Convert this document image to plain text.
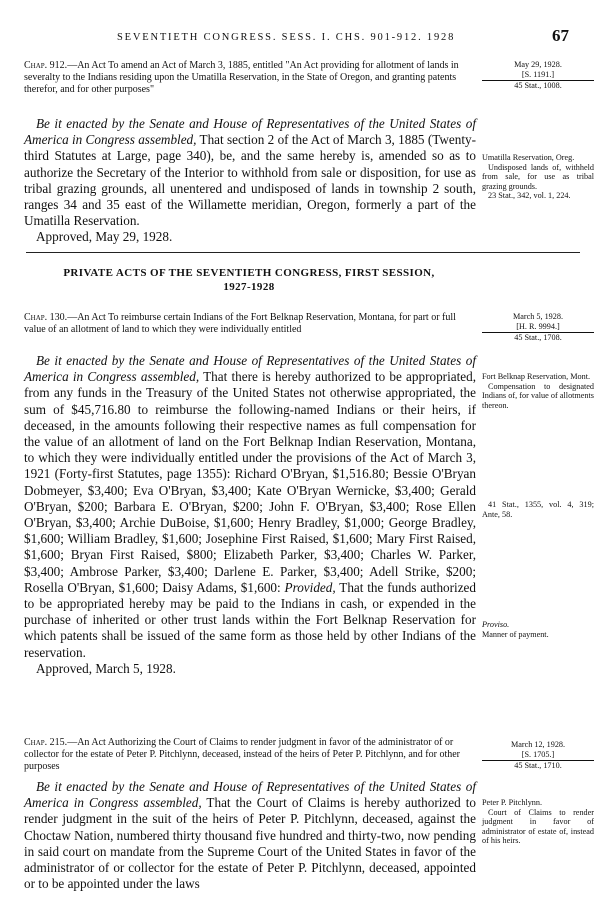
SEVENTIETH CONGRESS. SESS. I. CHS. 901-912. 1928	67
Chap. 912.—An Act To amend an Act of March 3, 1885, entitled "An Act providing for allotment of lands in severalty to the Indians residing upon the Umatilla Reservation, in the State of Oregon, and granting patents therefor, and for other purposes"
May 29, 1928.
[S. 1191.]
45 Stat., 1008.

Be it enacted by the Senate and House of Representatives of the United States of America in Congress assembled, That section 2 of the Act of March 3, 1885 (Twenty-third Statutes at Large, page 340), be, and the same hereby is, amended so as to authorize the Secretary of the Interior to withhold from sale or disposition, for use as tribal grazing grounds, all unentered and undisposed of lands in township 2 south, ranges 34 and 35 east of the Willamette meridian, Oregon, formerly a part of the Umatilla Reservation.

Approved, May 29, 1928.

Umatilla Reservation, Oreg.
Undisposed lands of, withheld from sale, for use as tribal grazing grounds.
23 Stat., 342, vol. 1, 224.
PRIVATE ACTS OF THE SEVENTIETH CONGRESS, FIRST SESSION,
1927-1928
Chap. 130.—An Act To reimburse certain Indians of the Fort Belknap Reservation, Montana, for part or full value of an allotment of land to which they were individually entitled
March 5, 1928.
[H. R. 9994.]
45 Stat., 1708.

Be it enacted by the Senate and House of Representatives of the United States of America in Congress assembled, That there is hereby authorized to be appropriated, from any funds in the Treasury of the United States not otherwise appropriated, the sum of $45,716.80 to reimburse the following-named Indians or their heirs, if deceased, in the amounts following their respective names as full compensation for the value of an allotment of land on the Fort Belknap Indian Reservation, Montana, to which they were individually entitled under the provisions of the Act of March 3, 1921 (Forty-first Statutes, page 1355): Richard O'Bryan, $1,516.80; Bessie O'Bryan Dobmeyer, $3,400; Eva O'Bryan, $3,400; Kate O'Bryan Wernicke, $3,400; Gerald O'Bryan, $200; Barbara E. O'Bryan, $200; John F. O'Bryan, $3,400; Rose Ellen O'Bryan, $3,400; Archie DuBoise, $1,600; Henry Bradley, $1,000; George Bradley, $1,600; William Bradley, $1,600; Josephine First Raised, $1,600; Mary First Raised, $1,600; Bryan First Raised, $800; Elizabeth Parker, $3,400; Charles W. Parker, $3,400; Ambrose Parker, $3,400; Darlene E. Parker, $3,400; Adell Strike, $200; Rosella O'Bryan, $1,600; Daisy Adams, $1,600: Provided, That the funds authorized to be appropriated hereby may be paid to the Indians in cash, or expended in the purchase of inherited or other trust lands within the Fort Belknap Reservation for which patents shall be issued of the same form as those held by other Indians of the reservation.

Approved, March 5, 1928.

Fort Belknap Reservation, Mont.
Compensation to designated Indians of, for value of allotments thereon.
41 Stat., 1355, vol. 4, 319; Ante, 58.
Proviso.
Manner of payment.
Chap. 215.—An Act Authorizing the Court of Claims to render judgment in favor of the administrator of or collector for the estate of Peter P. Pitchlynn, deceased, instead of the heirs of Peter P. Pitchlynn, and for other purposes
March 12, 1928.
[S. 1705.]
45 Stat., 1710.

Be it enacted by the Senate and House of Representatives of the United States of America in Congress assembled, That the Court of Claims is hereby authorized to render judgment in the suit of the heirs of Peter P. Pitchlynn, deceased, against the Choctaw Nation, numbered thirty thousand five hundred and thirty-two, now pending in said court on mandate from the Supreme Court of the United States in favor of the administrator of or collector for the estate of Peter P. Pitchlynn, deceased, appointed or to be appointed under the laws

Peter P. Pitchlynn.
Court of Claims to render judgment in favor of administrator of estate of, instead of his heirs.
